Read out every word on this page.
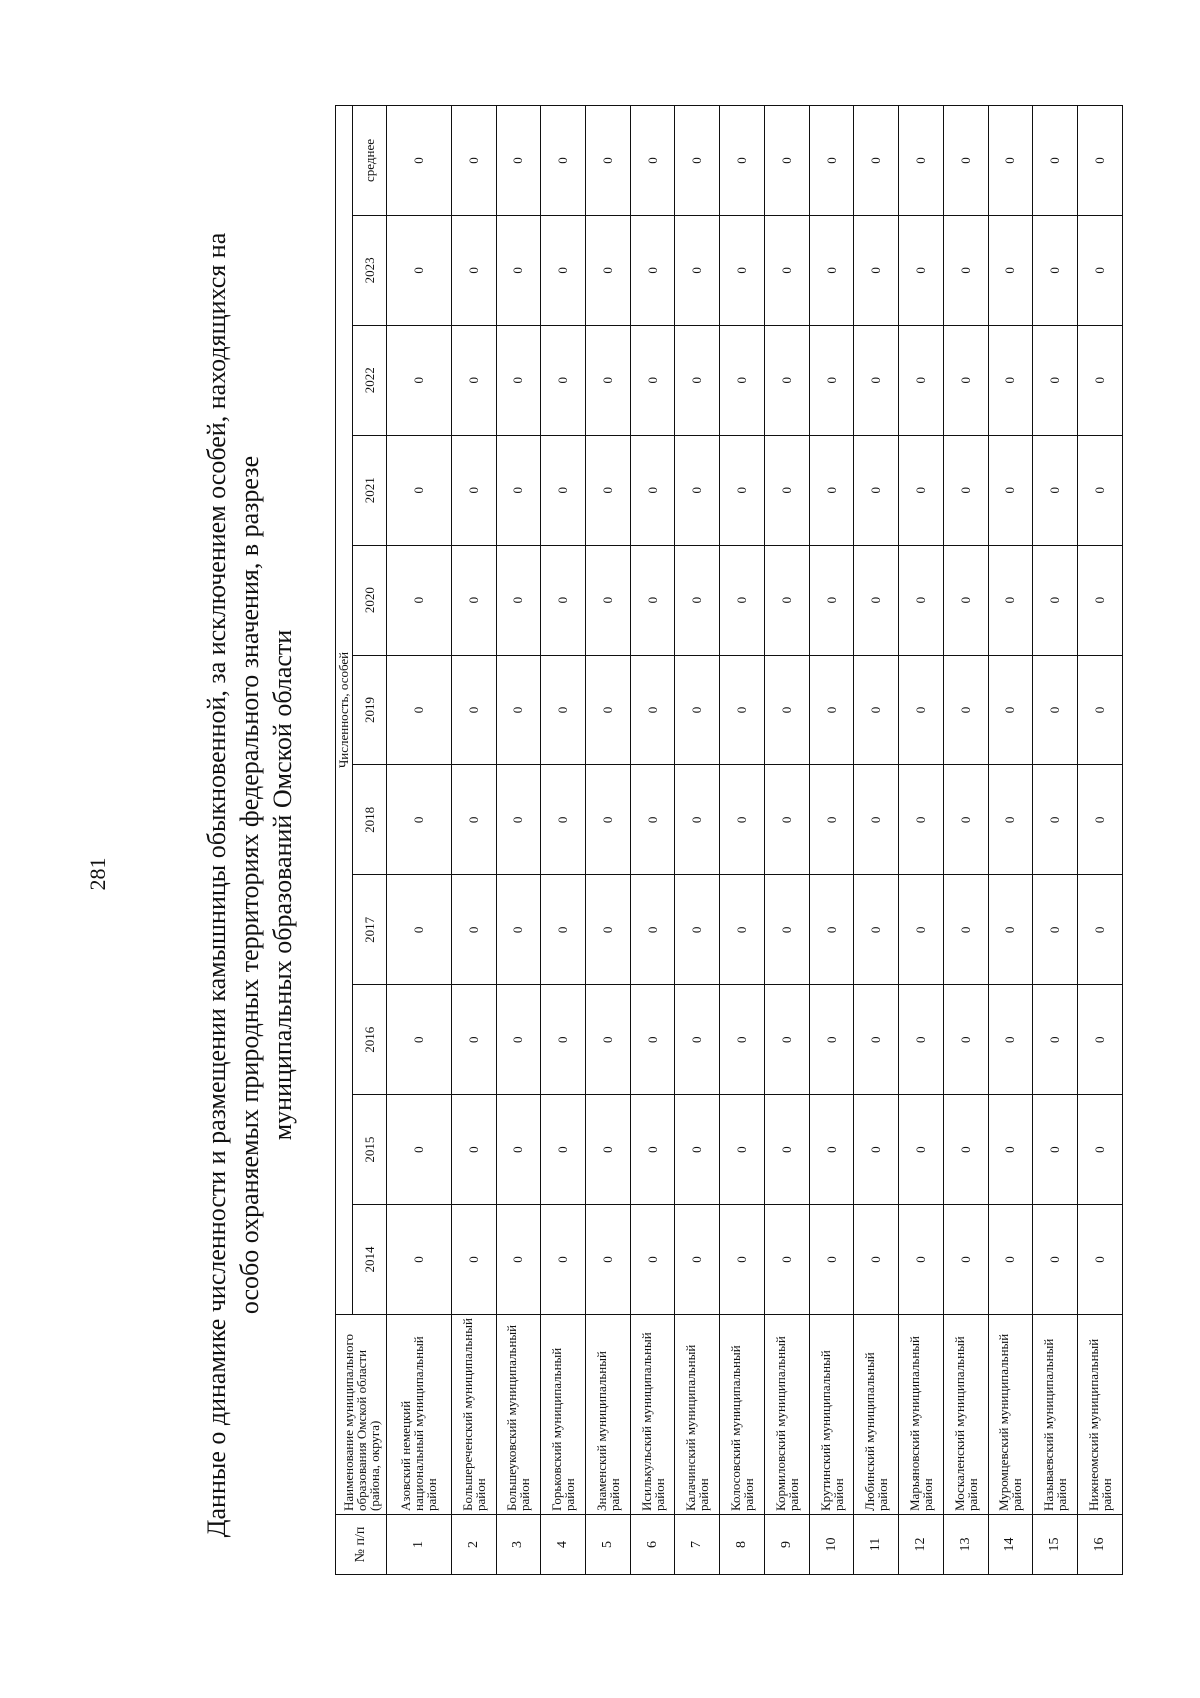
281	Данные о динамике численности и размещении камышницы обыкновенной, за исключением особей, находящихся на особо охраняемых природных территориях федерального значения, в разрезе муниципальных образований Омской области
№ п/п	Наименование муниципального образования Омской области (района, округа)	Численность, особей										
		2014	2015	2016	2017	2018	2019	2020	2021	2022	2023	среднее
1	Азовский немецкий национальный муниципальный район	0	0	0	0	0	0	0	0	0	0	0
2	Большереченский муниципальный район	0	0	0	0	0	0	0	0	0	0	0
3	Большеуковский муниципальный район	0	0	0	0	0	0	0	0	0	0	0
4	Горьковский муниципальный район	0	0	0	0	0	0	0	0	0	0	0
5	Знаменский муниципальный район	0	0	0	0	0	0	0	0	0	0	0
6	Исилькульский муниципальный район	0	0	0	0	0	0	0	0	0	0	0
7	Калачинский муниципальный район	0	0	0	0	0	0	0	0	0	0	0
8	Колосовский муниципальный район	0	0	0	0	0	0	0	0	0	0	0
9	Кормиловский муниципальный район	0	0	0	0	0	0	0	0	0	0	0
10	Крутинский муниципальный район	0	0	0	0	0	0	0	0	0	0	0
11	Любинский муниципальный район	0	0	0	0	0	0	0	0	0	0	0
12	Марьяновский муниципальный район	0	0	0	0	0	0	0	0	0	0	0
13	Москаленский муниципальный район	0	0	0	0	0	0	0	0	0	0	0
14	Муромцевский муниципальный район	0	0	0	0	0	0	0	0	0	0	0
15	Называевский муниципальный район	0	0	0	0	0	0	0	0	0	0	0
16	Нижнеомский муниципальный район	0	0	0	0	0	0	0	0	0	0	0
